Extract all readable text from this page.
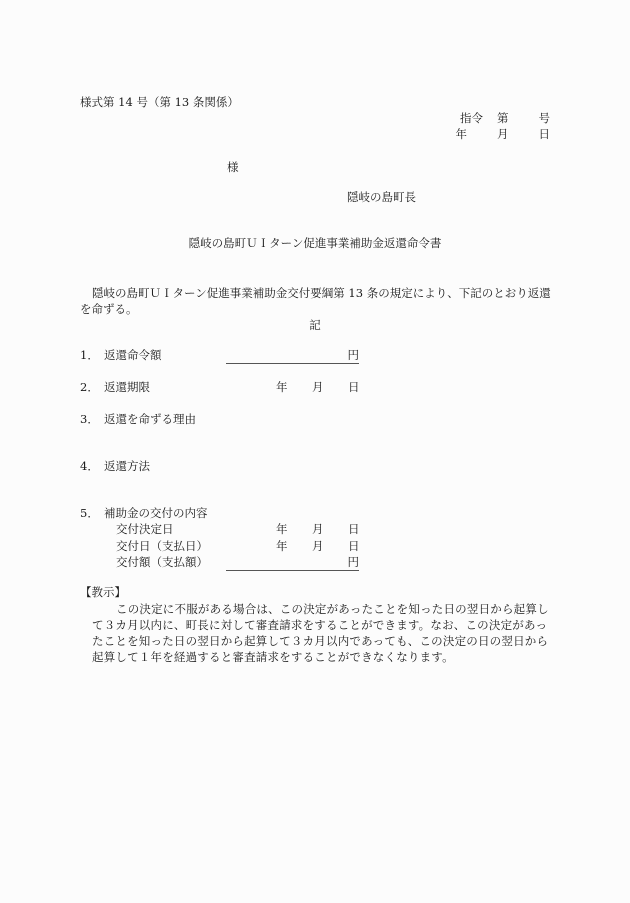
様式第 14 号（第 13 条関係）
指令 第	号
年	月	日
様
隠岐の島町長
隠岐の島町ＵＩターン促進事業補助金返還命令書

隠岐の島町ＵＩターン促進事業補助金交付要綱第 13 条の規定により、下記のとおり返還を命ずる。

記
1． 返還命令額	円
2． 返還期限	年 月 日
3． 返還を命ずる理由
4． 返還方法
5． 補助金の交付の内容
交付決定日	年 月 日
交付日（支払日）	年 月 日
交付額（支払額）	円
【教示】

この決定に不服がある場合は、この決定があったことを知った日の翌日から起算して３カ月以内に、町長に対して審査請求をすることができます。なお、この決定があったことを知った日の翌日から起算して３カ月以内であっても、この決定の日の翌日から起算して１年を経過すると審査請求をすることができなくなります。
